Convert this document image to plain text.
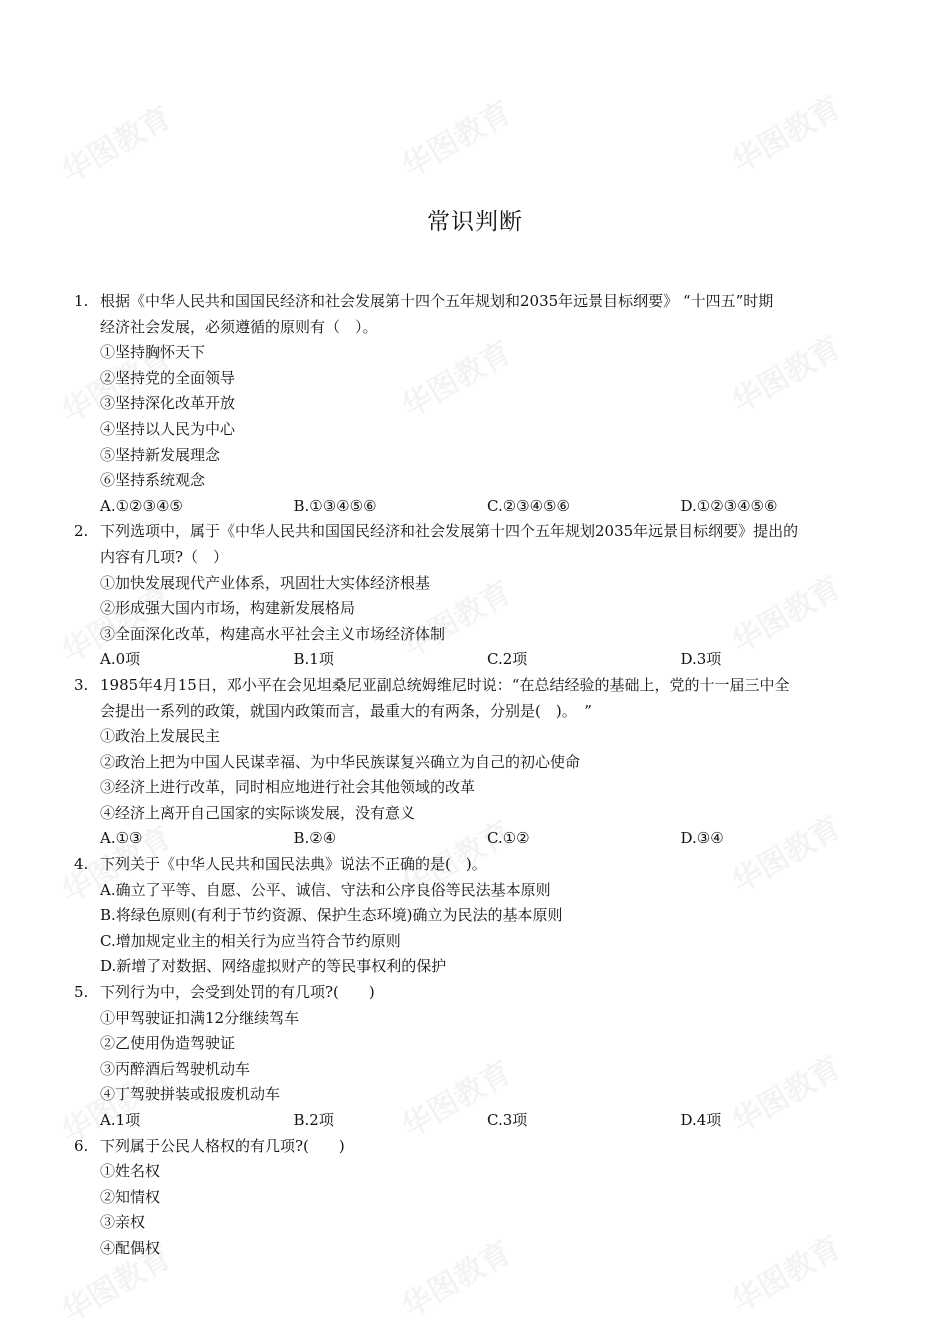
常识判断
1. 根据《中华人民共和国国民经济和社会发展第十四个五年规划和2035年远景目标纲要》 “十四五”时期
经济社会发展，必须遵循的原则有（　）。
①坚持胸怀天下
②坚持党的全面领导
③坚持深化改革开放
④坚持以人民为中心
⑤坚持新发展理念
⑥坚持系统观念
A.①②③④⑤	B.①③④⑤⑥	C.②③④⑤⑥	D.①②③④⑤⑥
2. 下列选项中，属于《中华人民共和国国民经济和社会发展第十四个五年规划2035年远景目标纲要》提出的
内容有几项?（　）
①加快发展现代产业体系，巩固壮大实体经济根基
②形成强大国内市场，构建新发展格局
③全面深化改革，构建高水平社会主义市场经济体制
A.0项	B.1项	C.2项	D.3项
3. 1985年4月15日，邓小平在会见坦桑尼亚副总统姆维尼时说：“在总结经验的基础上，党的十一届三中全
会提出一系列的政策，就国内政策而言，最重大的有两条，分别是(　)。　”
①政治上发展民主
②政治上把为中国人民谋幸福、为中华民族谋复兴确立为自己的初心使命
③经济上进行改革，同时相应地进行社会其他领域的改革
④经济上离开自己国家的实际谈发展，没有意义
A.①③	B.②④	C.①②	D.③④
4. 下列关于《中华人民共和国民法典》说法不正确的是(　)。
A.确立了平等、自愿、公平、诚信、守法和公序良俗等民法基本原则
B.将绿色原则(有利于节约资源、保护生态环境)确立为民法的基本原则
C.增加规定业主的相关行为应当符合节约原则
D.新增了对数据、网络虚拟财产的等民事权利的保护
5. 下列行为中，会受到处罚的有几项?(　　)
①甲驾驶证扣满12分继续驾车
②乙使用伪造驾驶证
③丙醉酒后驾驶机动车
④丁驾驶拼装或报废机动车
A.1项	B.2项	C.3项	D.4项
6. 下列属于公民人格权的有几项?(　　)
①姓名权
②知情权
③亲权
④配偶权
